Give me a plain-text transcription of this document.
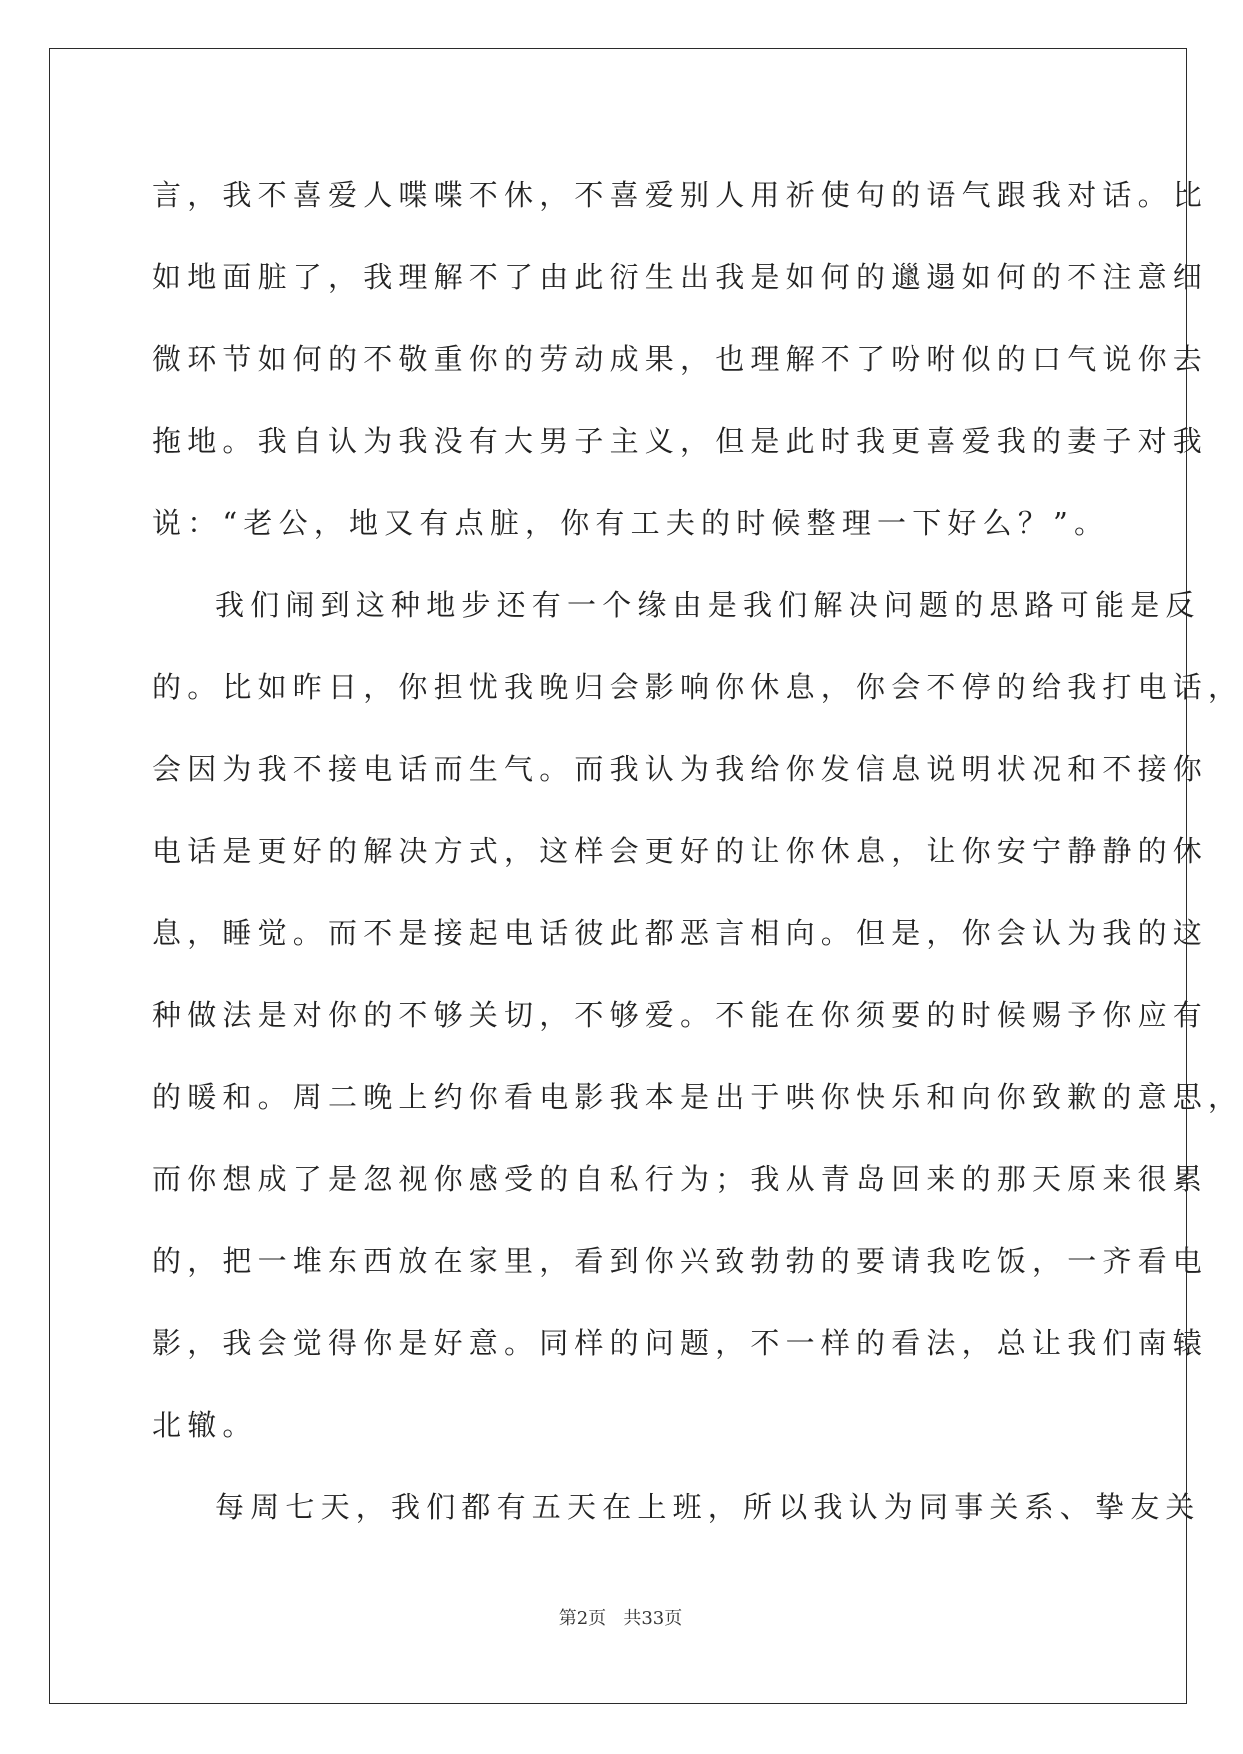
言，我不喜爱人喋喋不休，不喜爱别人用祈使句的语气跟我对话。比
如地面脏了，我理解不了由此衍生出我是如何的邋遢如何的不注意细
微环节如何的不敬重你的劳动成果，也理解不了吩咐似的口气说你去
拖地。我自认为我没有大男子主义，但是此时我更喜爱我的妻子对我
说：“老公，地又有点脏，你有工夫的时候整理一下好么？”。
我们闹到这种地步还有一个缘由是我们解决问题的思路可能是反
的。比如昨日，你担忧我晚归会影响你休息，你会不停的给我打电话，
会因为我不接电话而生气。而我认为我给你发信息说明状况和不接你
电话是更好的解决方式，这样会更好的让你休息，让你安宁静静的休
息，睡觉。而不是接起电话彼此都恶言相向。但是，你会认为我的这
种做法是对你的不够关切，不够爱。不能在你须要的时候赐予你应有
的暖和。周二晚上约你看电影我本是出于哄你快乐和向你致歉的意思，
而你想成了是忽视你感受的自私行为；我从青岛回来的那天原来很累
的，把一堆东西放在家里，看到你兴致勃勃的要请我吃饭，一齐看电
影，我会觉得你是好意。同样的问题，不一样的看法，总让我们南辕
北辙。
每周七天，我们都有五天在上班，所以我认为同事关系、挚友关
第2页 共33页
